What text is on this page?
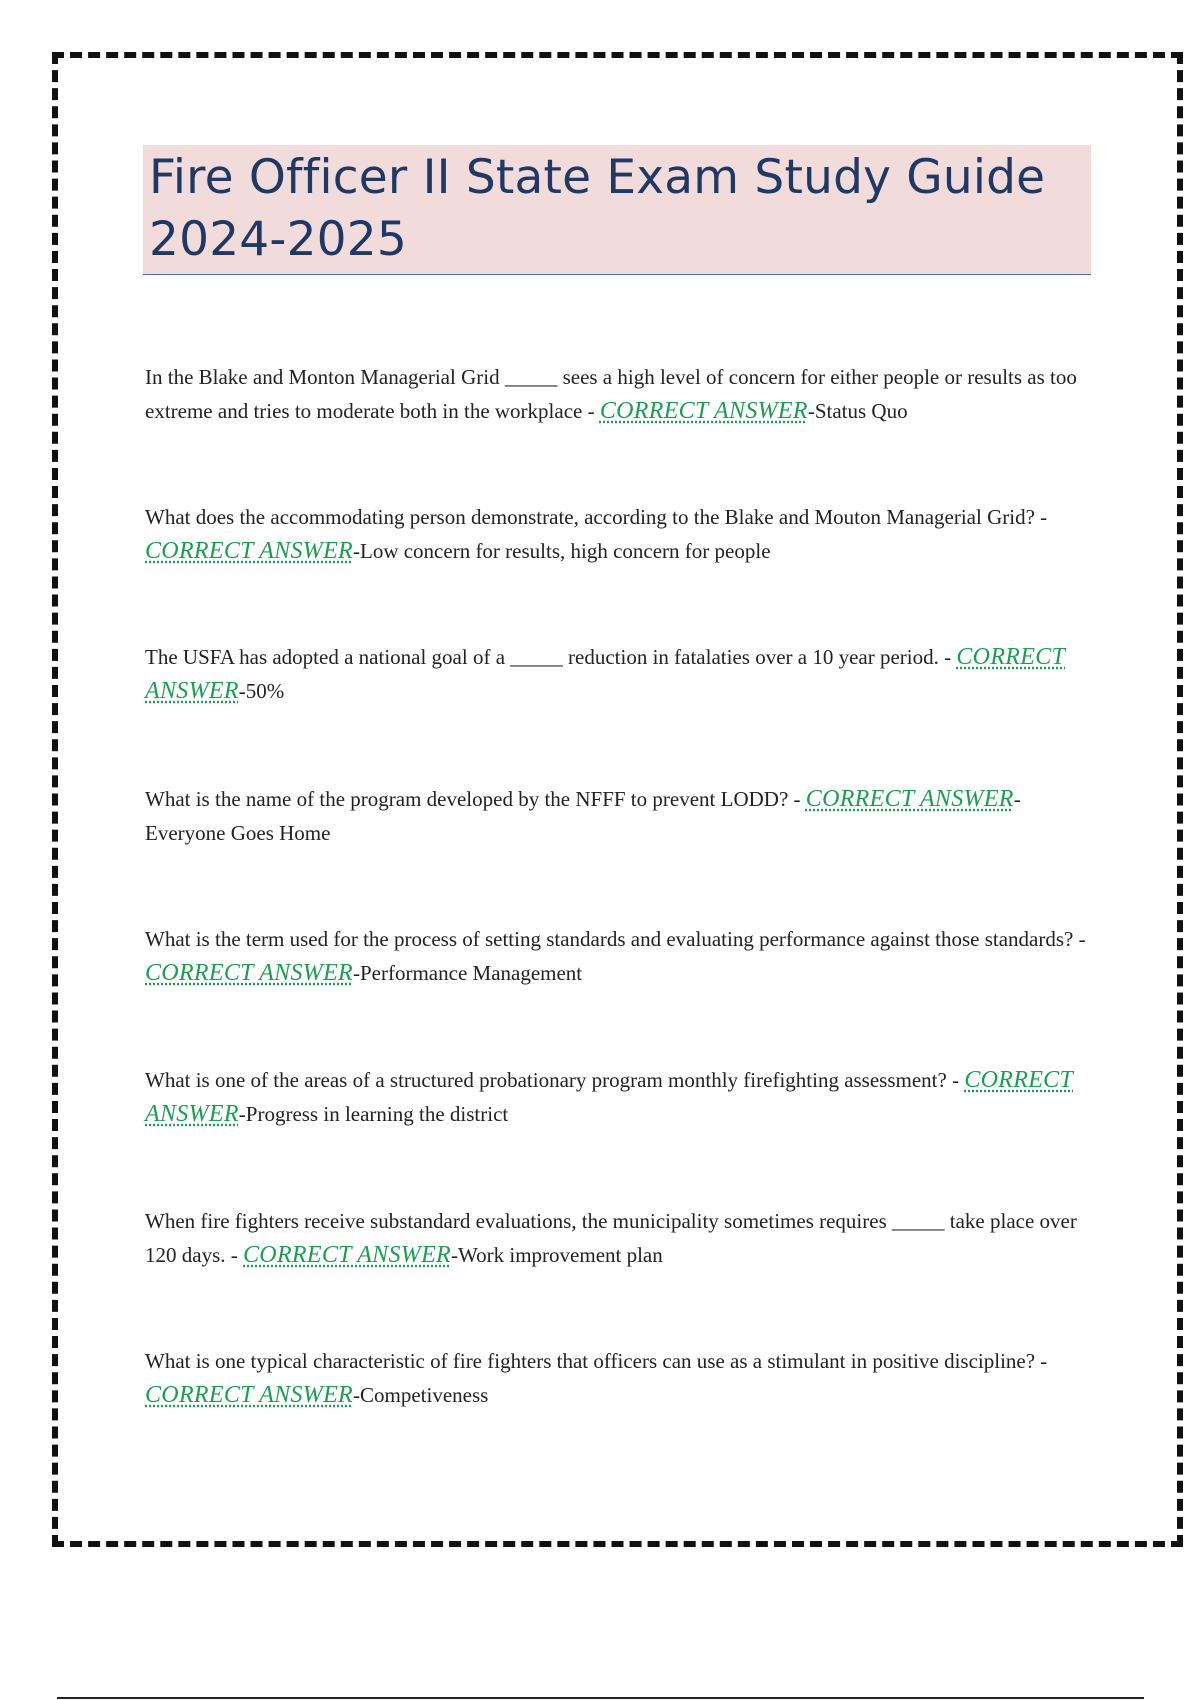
Fire Officer II State Exam Study Guide
2024-2025

In the Blake and Monton Managerial Grid _____ sees a high level of concern for either people or results as too extreme and tries to moderate both in the workplace - CORRECT ANSWER-Status Quo

What does the accommodating person demonstrate, according to the Blake and Mouton Managerial Grid? - CORRECT ANSWER-Low concern for results, high concern for people

The USFA has adopted a national goal of a _____ reduction in fatalaties over a 10 year period. - CORRECT ANSWER-50%

What is the name of the program developed by the NFFF to prevent LODD? - CORRECT ANSWER-Everyone Goes Home

What is the term used for the process of setting standards and evaluating performance against those standards? - CORRECT ANSWER-Performance Management

What is one of the areas of a structured probationary program monthly firefighting assessment? - CORRECT ANSWER-Progress in learning the district

When fire fighters receive substandard evaluations, the municipality sometimes requires _____ take place over 120 days. - CORRECT ANSWER-Work improvement plan

What is one typical characteristic of fire fighters that officers can use as a stimulant in positive discipline? - CORRECT ANSWER-Competiveness
